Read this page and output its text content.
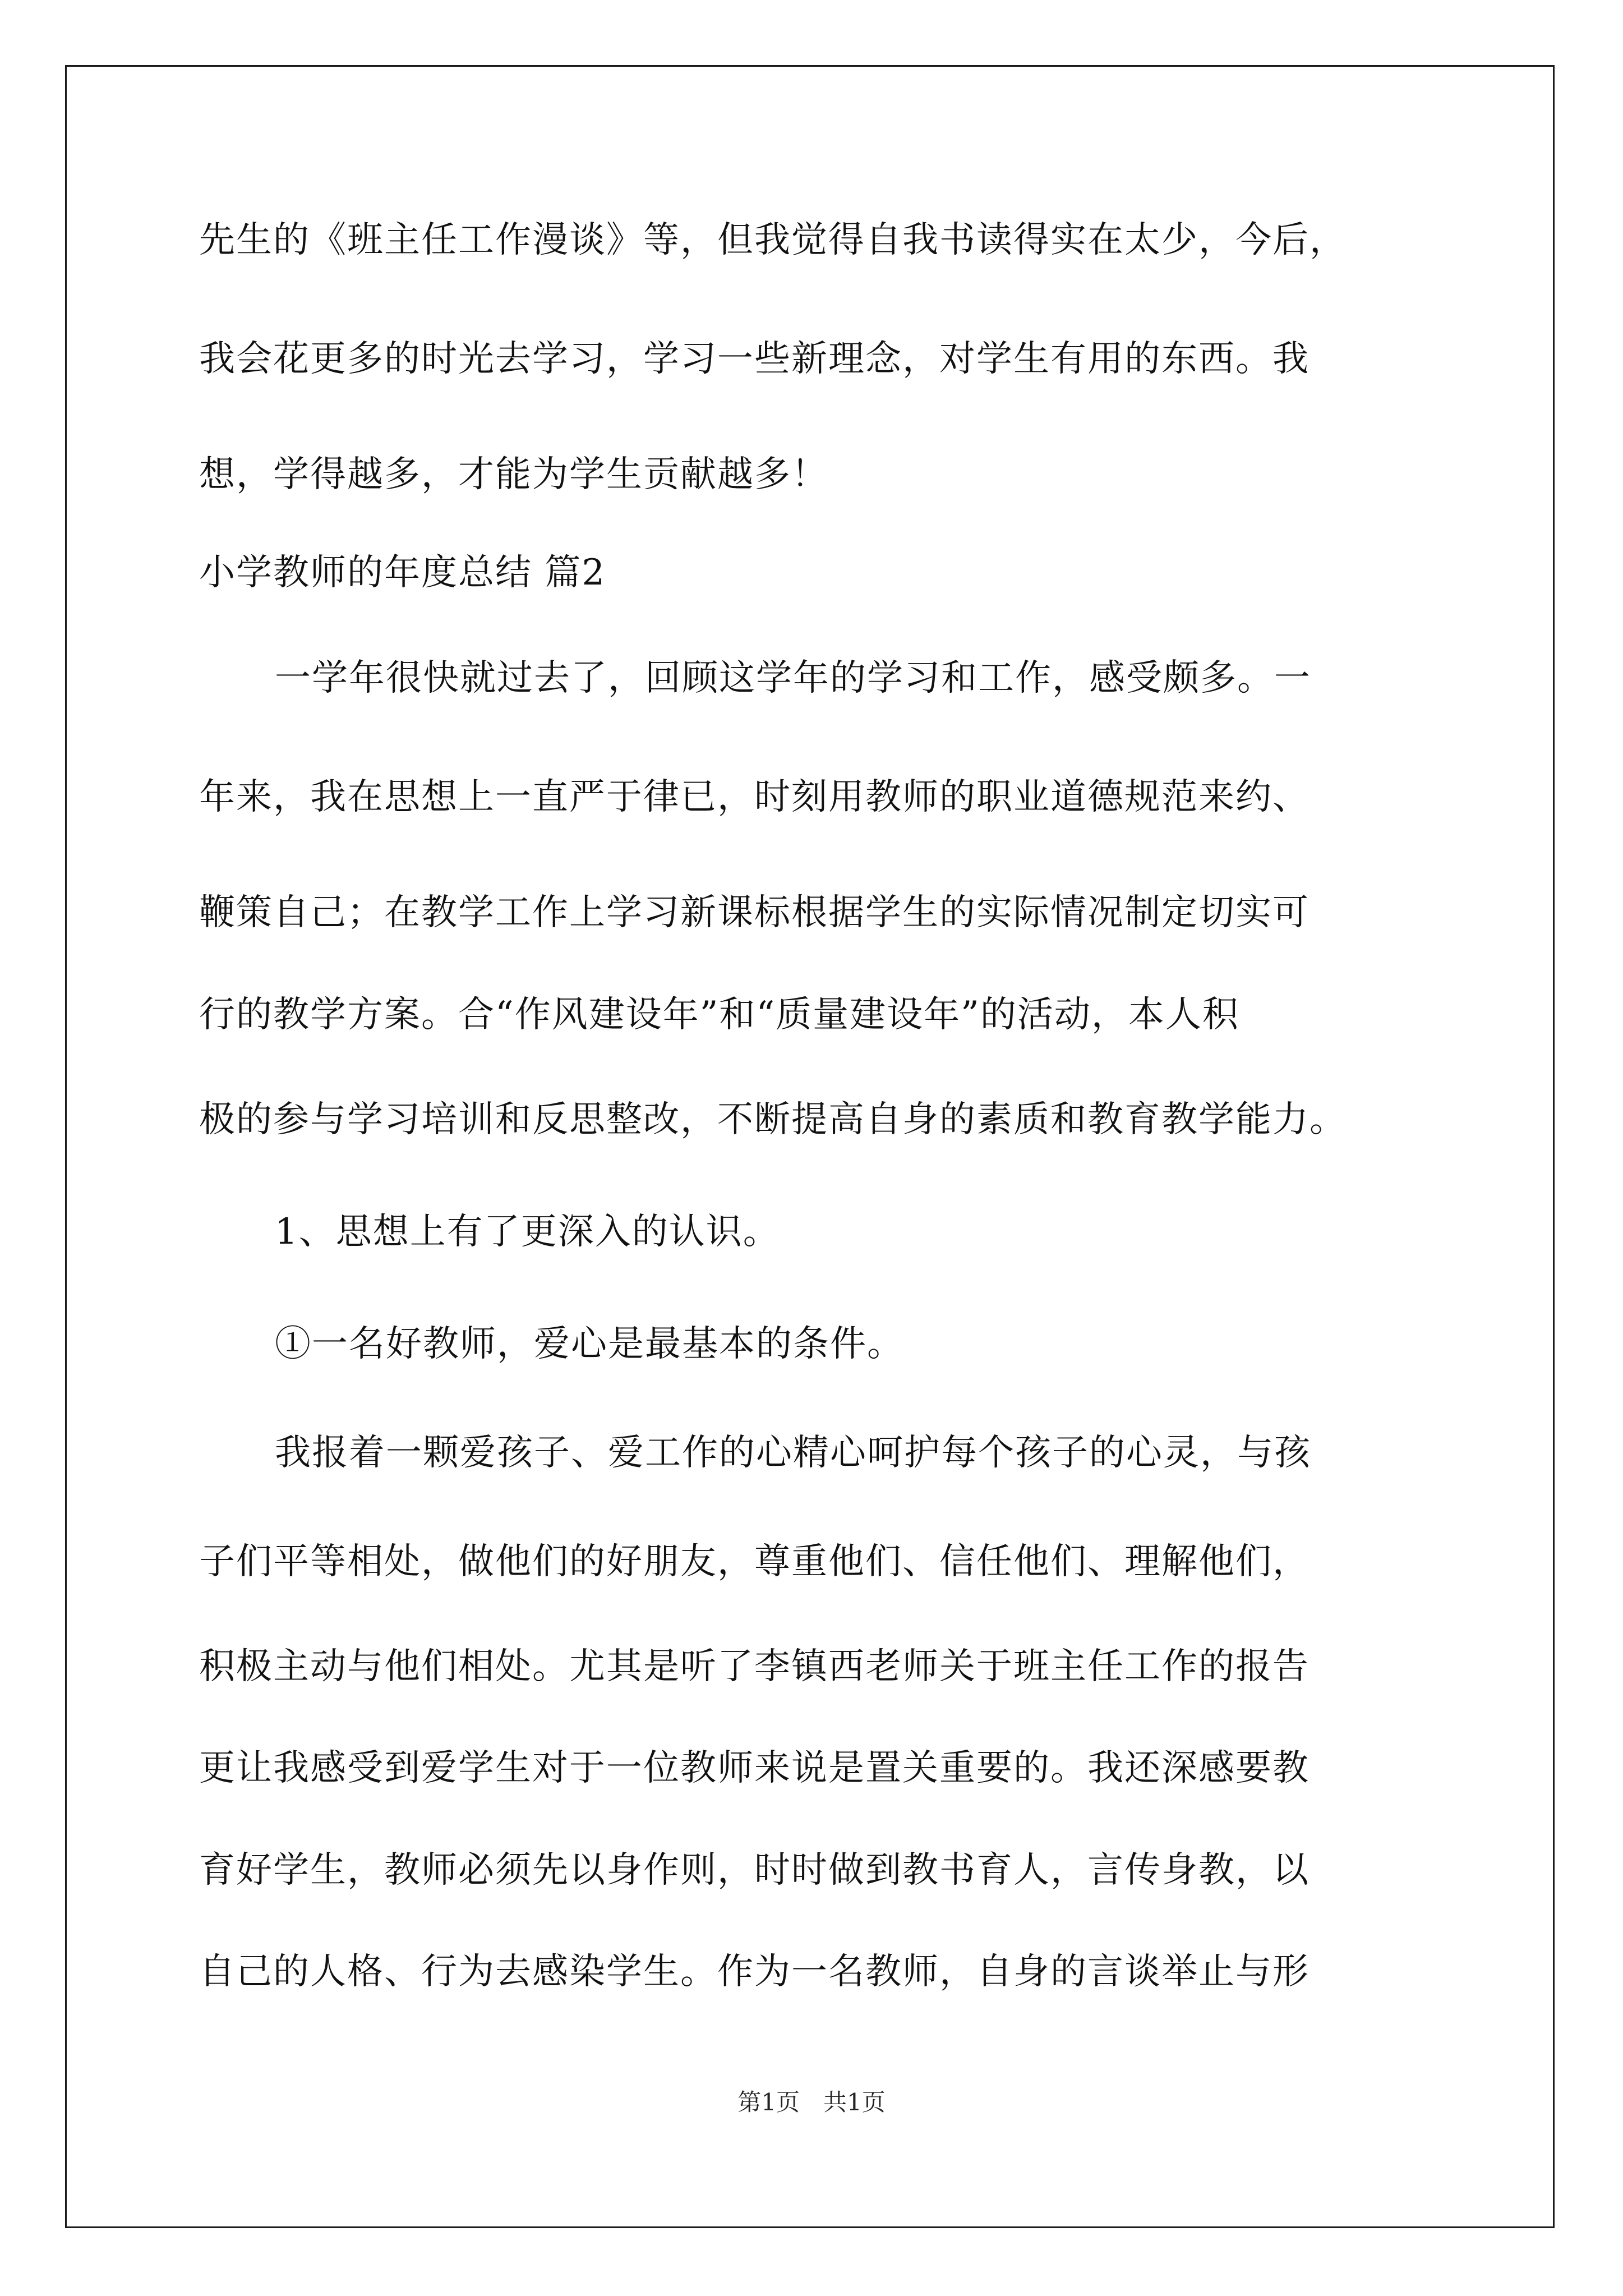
先生的《班主任工作漫谈》等，但我觉得自我书读得实在太少，今后，
我会花更多的时光去学习，学习一些新理念，对学生有用的东西。我
想，学得越多，才能为学生贡献越多！
小学教师的年度总结 篇2
一学年很快就过去了，回顾这学年的学习和工作，感受颇多。一
年来，我在思想上一直严于律已，时刻用教师的职业道德规范来约、
鞭策自己；在教学工作上学习新课标根据学生的实际情况制定切实可
行的教学方案。合“作风建设年”和“质量建设年”的活动，本人积
极的参与学习培训和反思整改，不断提高自身的素质和教育教学能力。
1、思想上有了更深入的认识。
①一名好教师，爱心是最基本的条件。
我报着一颗爱孩子、爱工作的心精心呵护每个孩子的心灵，与孩
子们平等相处，做他们的好朋友，尊重他们、信任他们、理解他们，
积极主动与他们相处。尤其是听了李镇西老师关于班主任工作的报告
更让我感受到爱学生对于一位教师来说是置关重要的。我还深感要教
育好学生，教师必须先以身作则，时时做到教书育人，言传身教，以
自己的人格、行为去感染学生。作为一名教师，自身的言谈举止与形
第1页　共1页
